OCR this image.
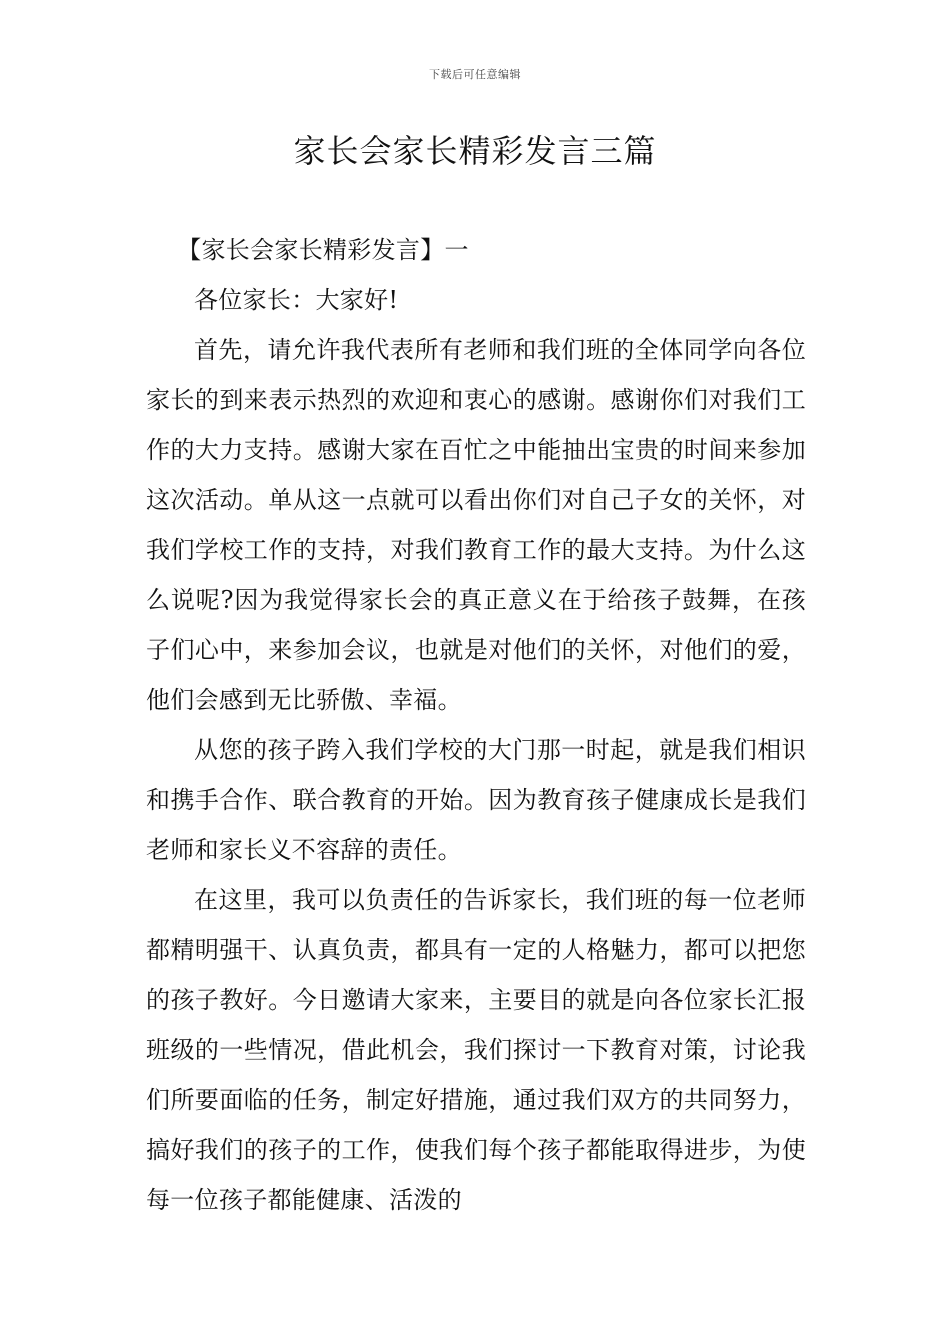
下载后可任意编辑
家长会家长精彩发言三篇

【家长会家长精彩发言】一

各位家长：大家好!

首先，请允许我代表所有老师和我们班的全体同学向各位家长的到来表示热烈的欢迎和衷心的感谢。感谢你们对我们工作的大力支持。感谢大家在百忙之中能抽出宝贵的时间来参加这次活动。单从这一点就可以看出你们对自己子女的关怀，对我们学校工作的支持，对我们教育工作的最大支持。为什么这么说呢?因为我觉得家长会的真正意义在于给孩子鼓舞，在孩子们心中，来参加会议，也就是对他们的关怀，对他们的爱，他们会感到无比骄傲、幸福。

从您的孩子跨入我们学校的大门那一时起，就是我们相识和携手合作、联合教育的开始。因为教育孩子健康成长是我们老师和家长义不容辞的责任。

在这里，我可以负责任的告诉家长，我们班的每一位老师都精明强干、认真负责，都具有一定的人格魅力，都可以把您的孩子教好。今日邀请大家来，主要目的就是向各位家长汇报班级的一些情况，借此机会，我们探讨一下教育对策，讨论我们所要面临的任务，制定好措施，通过我们双方的共同努力，搞好我们的孩子的工作，使我们每个孩子都能取得进步，为使每一位孩子都能健康、活泼的
